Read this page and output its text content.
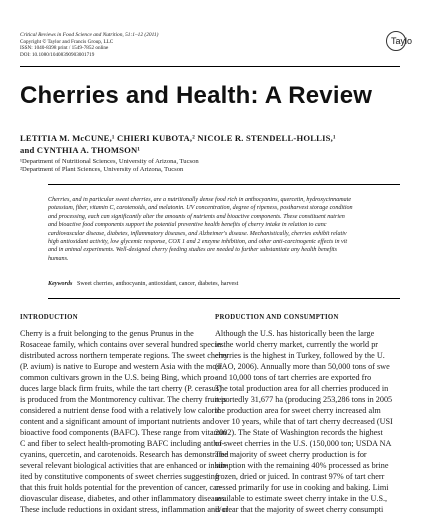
Critical Reviews in Food Science and Nutrition, 51:1–12 (2011)
Copyright © Taylor and Francis Group, LLC
ISSN: 1040-8398 print / 1549-7852 online
DOI: 10.1080/10408390903001719
Taylo
Cherries and Health: A Review
LETITIA M. McCUNE,¹ CHIERI KUBOTA,² NICOLE R. STENDELL-HOLLIS,¹
and CYNTHIA A. THOMSON¹
¹Department of Nutritional Sciences, University of Arizona, Tucson
²Department of Plant Sciences, University of Arizona, Tucson

Cherries, and in particular sweet cherries, are a nutritionally dense food rich in anthocyanins, quercetin, hydroxycinnamate
potassium, fiber, vitamin C, carotenoids, and melatonin. UV concentration, degree of ripeness, postharvest storage condition
and processing, each can significantly alter the amounts of nutrients and bioactive components. These constituent nutrien
and bioactive food components support the potential preventive health benefits of cherry intake in relation to canc
cardiovascular disease, diabetes, inflammatory diseases, and Alzheimer's disease. Mechanistically, cherries exhibit relativ
high antioxidant activity, low glycemic response, COX 1 and 2 enzyme inhibition, and other anti-carcinogenic effects in vit
and in animal experiments. Well-designed cherry feeding studies are needed to further substantiate any health benefits
humans.

Keywords Sweet cherries, anthocyanin, antioxidant, cancer, diabetes, harvest
INTRODUCTION	PRODUCTION AND CONSUMPTION

Cherry is a fruit belonging to the genus Prunus in the
Rosaceae family, which contains over several hundred species
distributed across northern temperate regions. The sweet cherry
(P. avium) is native to Europe and western Asia with the most
common cultivars grown in the U.S. being Bing, which pro-
duces large black firm fruits, while the tart cherry (P. cerasus)
is produced from the Montmorency cultivar. The cherry fruit is
considered a nutrient dense food with a relatively low caloric
content and a significant amount of important nutrients and
bioactive food components (BAFC). These range from vitamin
C and fiber to select health-promoting BAFC including antho-
cyanins, quercetin, and carotenoids. Research has demonstrated
several relevant biological activities that are enhanced or inhib-
ited by constitutive components of sweet cherries suggesting
that this fruit holds potential for the prevention of cancer, car-
diovascular disease, diabetes, and other inflammatory diseases.
These include reductions in oxidant stress, inflammation and/or

Although the U.S. has historically been the large
in the world cherry market, currently the world pr
cherries is the highest in Turkey, followed by the U.
(FAO, 2006). Annually more than 50,000 tons of swe
and 10,000 tons of tart cherries are exported fro
The total production area for all cherries produced in
reportedly 31,677 ha (producing 253,286 tons in 2005
the production area for sweet cherry increased alm
over 10 years, while that of tart cherry decreased (USI
2002). The State of Washington records the highest
of sweet cherries in the U.S. (150,000 ton; USDA NA
The majority of sweet cherry production is for
sumption with the remaining 40% processed as brine
frozen, dried or juiced. In contrast 97% of tart cherr
cessed primarily for use in cooking and baking. Limi
available to estimate sweet cherry intake in the U.S.,
is clear that the majority of sweet cherry consumpti
